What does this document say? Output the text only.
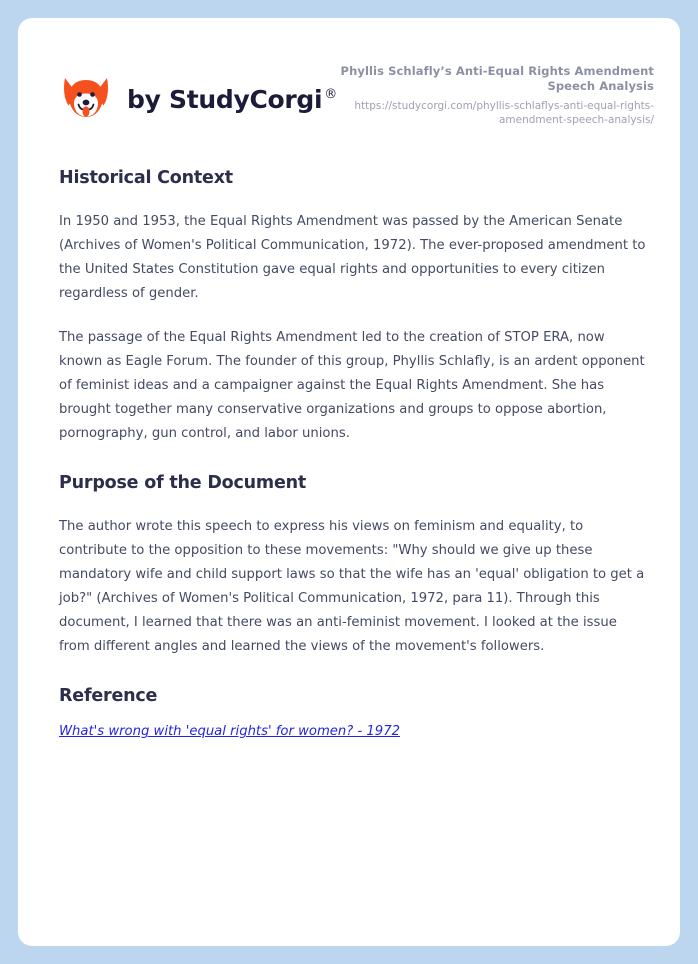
by StudyCorgi ®
Phyllis Schlafly’s Anti-Equal Rights Amendment Speech Analysis
https://studycorgi.com/phyllis-schlaflys-anti-equal-rights-amendment-speech-analysis/
Historical Context

In 1950 and 1953, the Equal Rights Amendment was passed by the American Senate (Archives of Women's Political Communication, 1972). The ever-proposed amendment to the United States Constitution gave equal rights and opportunities to every citizen regardless of gender.

The passage of the Equal Rights Amendment led to the creation of STOP ERA, now known as Eagle Forum. The founder of this group, Phyllis Schlafly, is an ardent opponent of feminist ideas and a campaigner against the Equal Rights Amendment. She has brought together many conservative organizations and groups to oppose abortion, pornography, gun control, and labor unions.

Purpose of the Document

The author wrote this speech to express his views on feminism and equality, to contribute to the opposition to these movements: "Why should we give up these mandatory wife and child support laws so that the wife has an 'equal' obligation to get a job?" (Archives of Women's Political Communication, 1972, para 11). Through this document, I learned that there was an anti-feminist movement. I looked at the issue from different angles and learned the views of the movement's followers.

Reference
What's wrong with 'equal rights' for women? - 1972
